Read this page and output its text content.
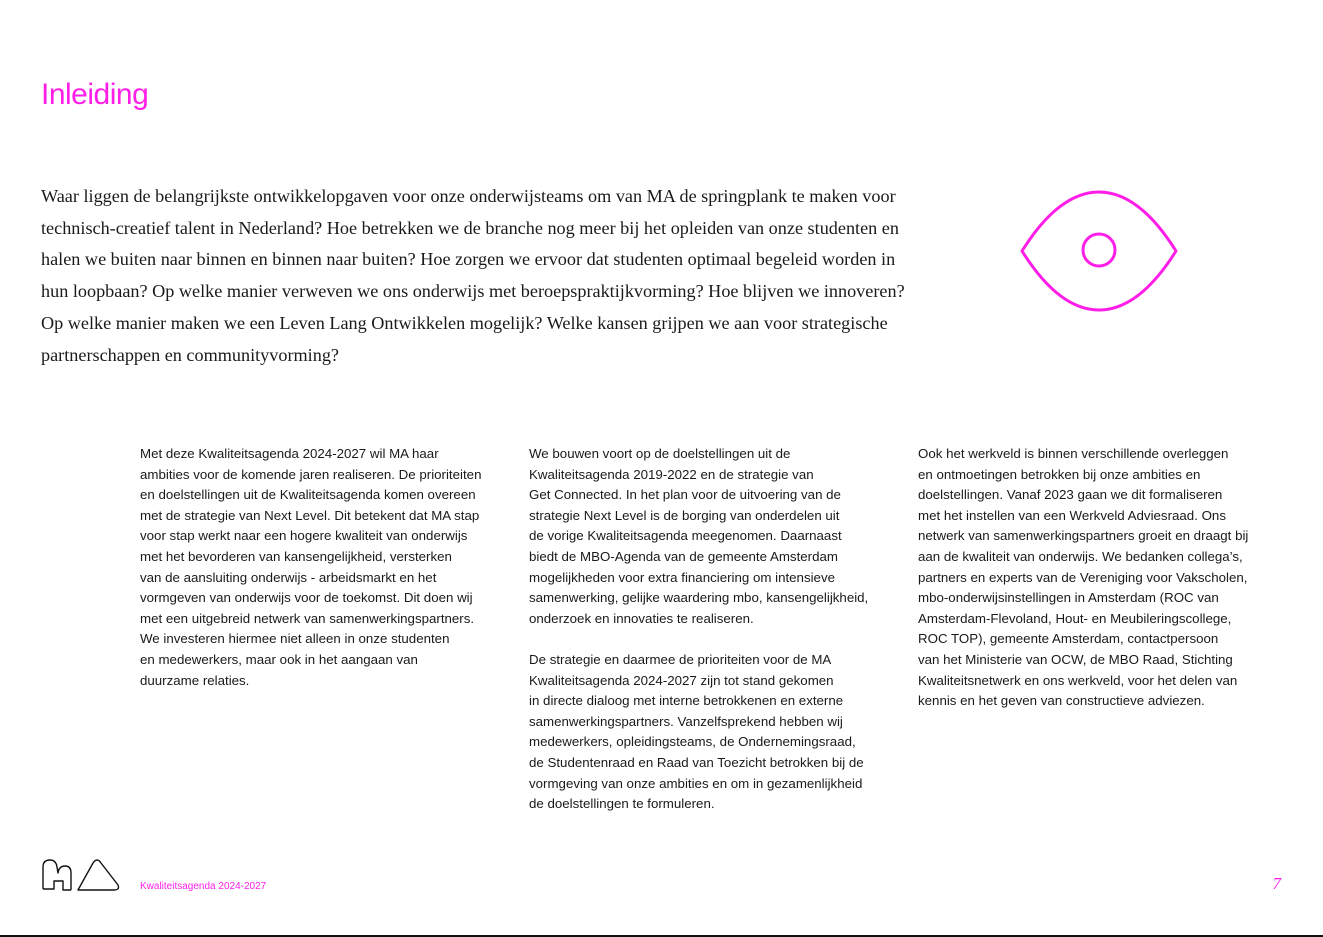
Inleiding

Waar liggen de belangrijkste ontwikkelopgaven voor onze onderwijsteams om van MA de springplank te maken voor technisch-creatief talent in Nederland? Hoe betrekken we de branche nog meer bij het opleiden van onze studenten en halen we buiten naar binnen en binnen naar buiten? Hoe zorgen we ervoor dat studenten optimaal begeleid worden in hun loopbaan? Op welke manier verweven we ons onderwijs met beroepspraktijkvorming? Hoe blijven we innoveren? Op welke manier maken we een Leven Lang Ontwikkelen mogelijk? Welke kansen grijpen we aan voor strategische partnerschappen en communityvorming?

Met deze Kwaliteitsagenda 2024-2027 wil MA haar
ambities voor de komende jaren realiseren. De prioriteiten
en doelstellingen uit de Kwaliteitsagenda komen overeen
met de strategie van Next Level. Dit betekent dat MA stap
voor stap werkt naar een hogere kwaliteit van onderwijs
met het bevorderen van kansengelijkheid, versterken
van de aansluiting onderwijs - arbeidsmarkt en het
vormgeven van onderwijs voor de toekomst. Dit doen wij
met een uitgebreid netwerk van samenwerkingspartners.
We investeren hiermee niet alleen in onze studenten
en medewerkers, maar ook in het aangaan van
duurzame relaties.

We bouwen voort op de doelstellingen uit de
Kwaliteitsagenda 2019-2022 en de strategie van
Get Connected. In het plan voor de uitvoering van de
strategie Next Level is de borging van onderdelen uit
de vorige Kwaliteitsagenda meegenomen. Daarnaast
biedt de MBO-Agenda van de gemeente Amsterdam
mogelijkheden voor extra financiering om intensieve
samenwerking, gelijke waardering mbo, kansengelijkheid,
onderzoek en innovaties te realiseren.

De strategie en daarmee de prioriteiten voor de MA
Kwaliteitsagenda 2024-2027 zijn tot stand gekomen
in directe dialoog met interne betrokkenen en externe
samenwerkingspartners. Vanzelfsprekend hebben wij
medewerkers, opleidingsteams, de Ondernemingsraad,
de Studentenraad en Raad van Toezicht betrokken bij de
vormgeving van onze ambities en om in gezamenlijkheid
de doelstellingen te formuleren.

Ook het werkveld is binnen verschillende overleggen
en ontmoetingen betrokken bij onze ambities en
doelstellingen. Vanaf 2023 gaan we dit formaliseren
met het instellen van een Werkveld Adviesraad. Ons
netwerk van samenwerkingspartners groeit en draagt bij
aan de kwaliteit van onderwijs. We bedanken collega’s,
partners en experts van de Vereniging voor Vakscholen,
mbo-onderwijsinstellingen in Amsterdam (ROC van
Amsterdam-Flevoland, Hout- en Meubileringscollege,
ROC TOP), gemeente Amsterdam, contactpersoon
van het Ministerie van OCW, de MBO Raad, Stichting
Kwaliteitsnetwerk en ons werkveld, voor het delen van
kennis en het geven van constructieve adviezen.

Kwaliteitsagenda 2024-2027	7
